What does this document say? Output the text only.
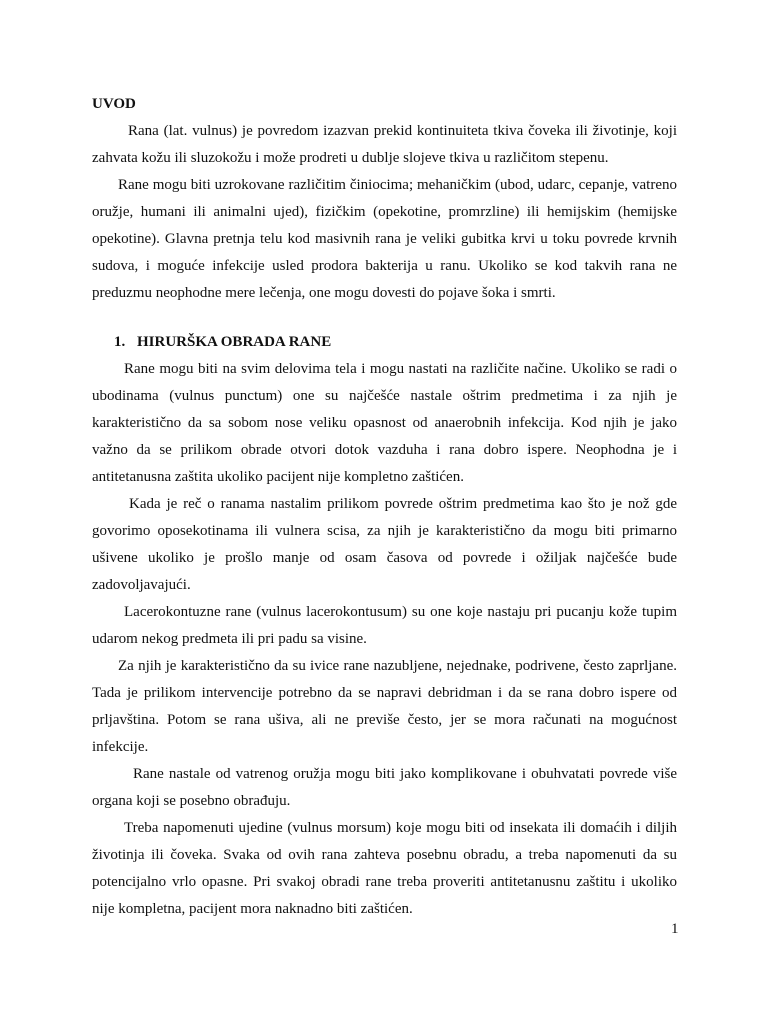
UVOD
Rana (lat. vulnus) je povredom izazvan prekid kontinuiteta tkiva čoveka ili životinje, koji
zahvata kožu ili sluzokožu i može prodreti u dublje slojeve tkiva u različitom stepenu.
Rane mogu biti uzrokovane različitim činiocima; mehaničkim (ubod, udarc, cepanje, vatreno
oružje, humani ili animalni ujed), fizičkim (opekotine, promrzline) ili hemijskim (hemijske
opekotine). Glavna pretnja telu kod masivnih rana je veliki gubitka krvi u toku povrede krvnih
sudova, i moguće infekcije usled prodora bakterija u ranu. Ukoliko se kod takvih rana ne
preduzmu neophodne mere lečenja, one mogu dovesti do pojave šoka i smrti.
1. HIRURŠKA OBRADA RANE
Rane mogu biti na svim delovima tela i mogu nastati na različite načine. Ukoliko se radi o
ubodinama (vulnus punctum) one su najčešće nastale oštrim predmetima i za njih je
karakteristično da sa sobom nose veliku opasnost od anaerobnih infekcija. Kod njih je jako
važno da se prilikom obrade otvori dotok vazduha i rana dobro ispere. Neophodna je i
antitetanusna zaštita ukoliko pacijent nije kompletno zaštićen.
Kada je reč o ranama nastalim prilikom povrede oštrim predmetima kao što je nož gde
govorimo oposekotinama ili vulnera scisa, za njih je karakteristično da mogu biti primarno
ušivene ukoliko je prošlo manje od osam časova od povrede i ožiljak najčešće bude
zadovoljavajući.
Lacerokontuzne rane (vulnus lacerokontusum) su one koje nastaju pri pucanju kože tupim
udarom nekog predmeta ili pri padu sa visine.
Za njih je karakteristično da su ivice rane nazubljene, nejednake, podrivene, često zaprljane.
Tada je prilikom intervencije potrebno da se napravi debridman i da se rana dobro ispere od
prljavština. Potom se rana ušiva, ali ne previše često, jer se mora računati na mogućnost
infekcije.
Rane nastale od vatrenog oružja mogu biti jako komplikovane i obuhvatati povrede više
organa koji se posebno obrađuju.
Treba napomenuti ujedine (vulnus morsum) koje mogu biti od insekata ili domaćih i diljih
životinja ili čoveka. Svaka od ovih rana zahteva posebnu obradu, a treba napomenuti da su
potencijalno vrlo opasne. Pri svakoj obradi rane treba proveriti antitetanusnu zaštitu i ukoliko
nije kompletna, pacijent mora naknadno biti zaštićen.
1
